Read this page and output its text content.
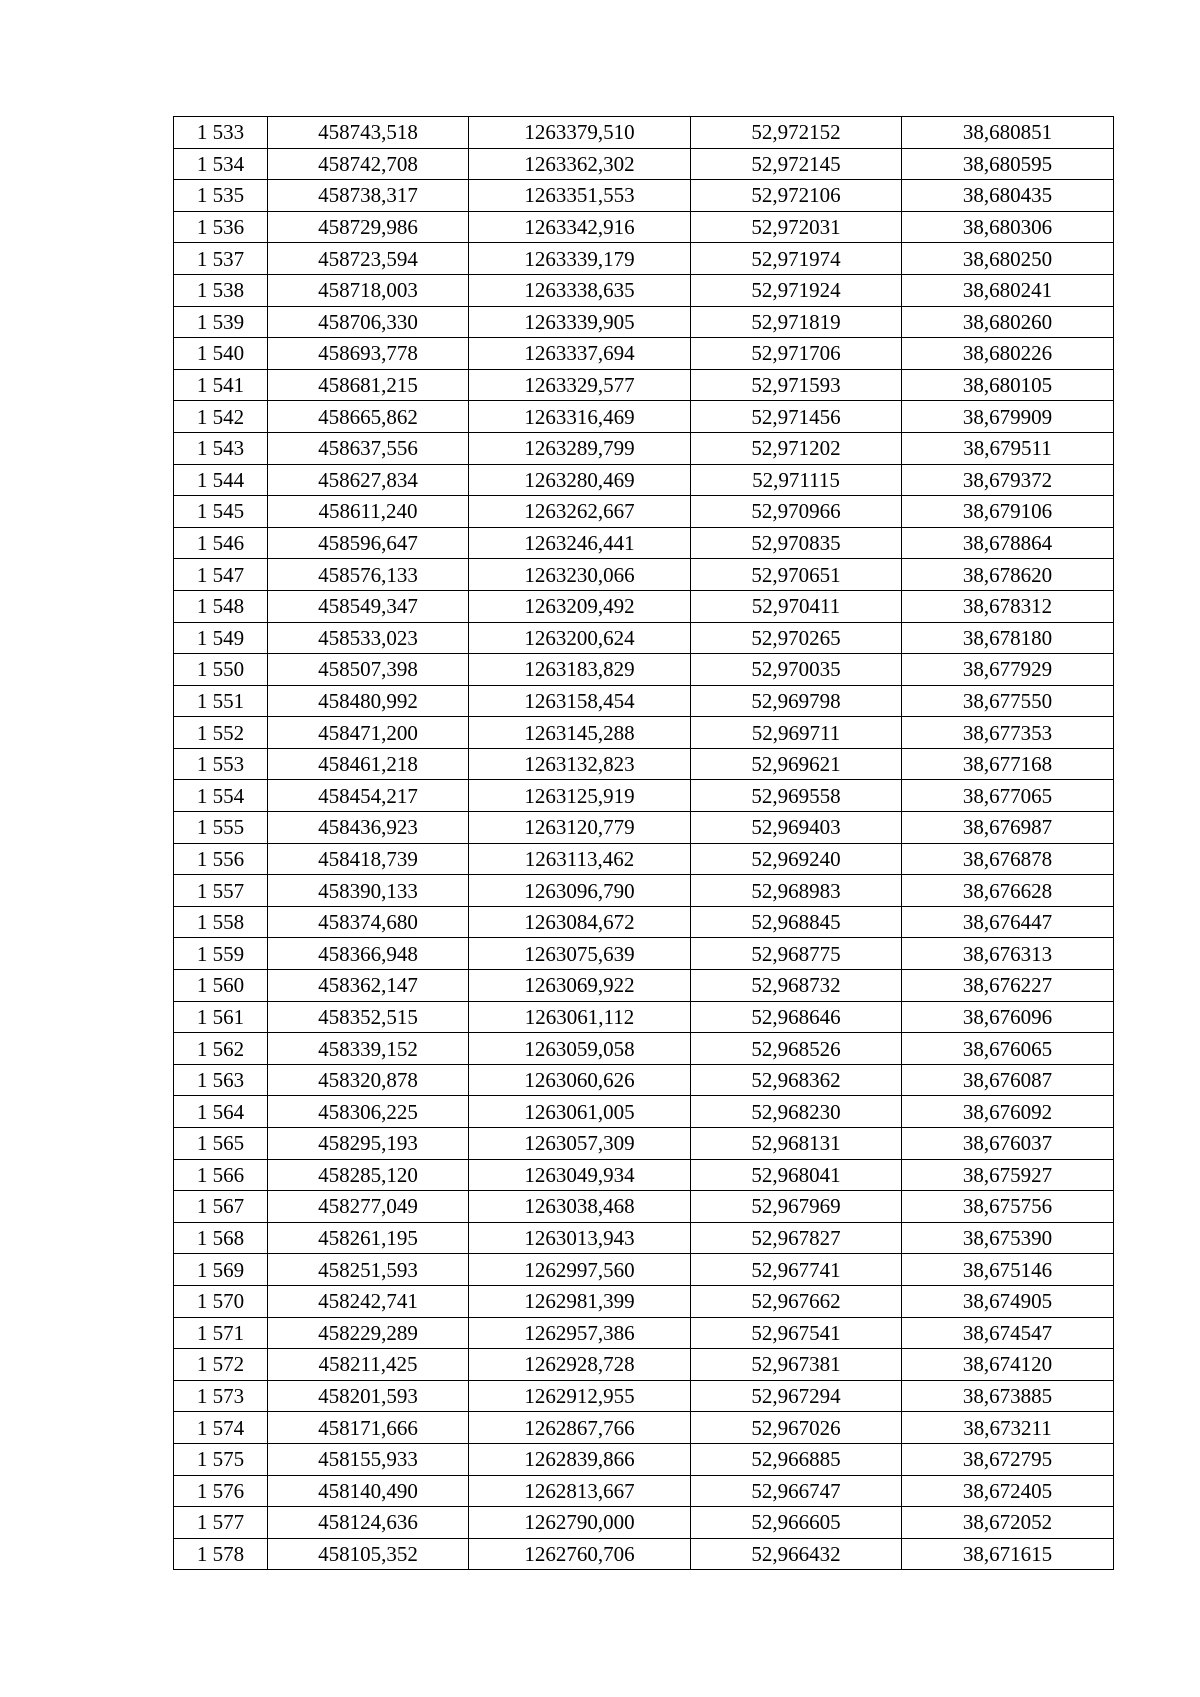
1 533	458743,518	1263379,510	52,972152	38,680851
1 534	458742,708	1263362,302	52,972145	38,680595
1 535	458738,317	1263351,553	52,972106	38,680435
1 536	458729,986	1263342,916	52,972031	38,680306
1 537	458723,594	1263339,179	52,971974	38,680250
1 538	458718,003	1263338,635	52,971924	38,680241
1 539	458706,330	1263339,905	52,971819	38,680260
1 540	458693,778	1263337,694	52,971706	38,680226
1 541	458681,215	1263329,577	52,971593	38,680105
1 542	458665,862	1263316,469	52,971456	38,679909
1 543	458637,556	1263289,799	52,971202	38,679511
1 544	458627,834	1263280,469	52,971115	38,679372
1 545	458611,240	1263262,667	52,970966	38,679106
1 546	458596,647	1263246,441	52,970835	38,678864
1 547	458576,133	1263230,066	52,970651	38,678620
1 548	458549,347	1263209,492	52,970411	38,678312
1 549	458533,023	1263200,624	52,970265	38,678180
1 550	458507,398	1263183,829	52,970035	38,677929
1 551	458480,992	1263158,454	52,969798	38,677550
1 552	458471,200	1263145,288	52,969711	38,677353
1 553	458461,218	1263132,823	52,969621	38,677168
1 554	458454,217	1263125,919	52,969558	38,677065
1 555	458436,923	1263120,779	52,969403	38,676987
1 556	458418,739	1263113,462	52,969240	38,676878
1 557	458390,133	1263096,790	52,968983	38,676628
1 558	458374,680	1263084,672	52,968845	38,676447
1 559	458366,948	1263075,639	52,968775	38,676313
1 560	458362,147	1263069,922	52,968732	38,676227
1 561	458352,515	1263061,112	52,968646	38,676096
1 562	458339,152	1263059,058	52,968526	38,676065
1 563	458320,878	1263060,626	52,968362	38,676087
1 564	458306,225	1263061,005	52,968230	38,676092
1 565	458295,193	1263057,309	52,968131	38,676037
1 566	458285,120	1263049,934	52,968041	38,675927
1 567	458277,049	1263038,468	52,967969	38,675756
1 568	458261,195	1263013,943	52,967827	38,675390
1 569	458251,593	1262997,560	52,967741	38,675146
1 570	458242,741	1262981,399	52,967662	38,674905
1 571	458229,289	1262957,386	52,967541	38,674547
1 572	458211,425	1262928,728	52,967381	38,674120
1 573	458201,593	1262912,955	52,967294	38,673885
1 574	458171,666	1262867,766	52,967026	38,673211
1 575	458155,933	1262839,866	52,966885	38,672795
1 576	458140,490	1262813,667	52,966747	38,672405
1 577	458124,636	1262790,000	52,966605	38,672052
1 578	458105,352	1262760,706	52,966432	38,671615
